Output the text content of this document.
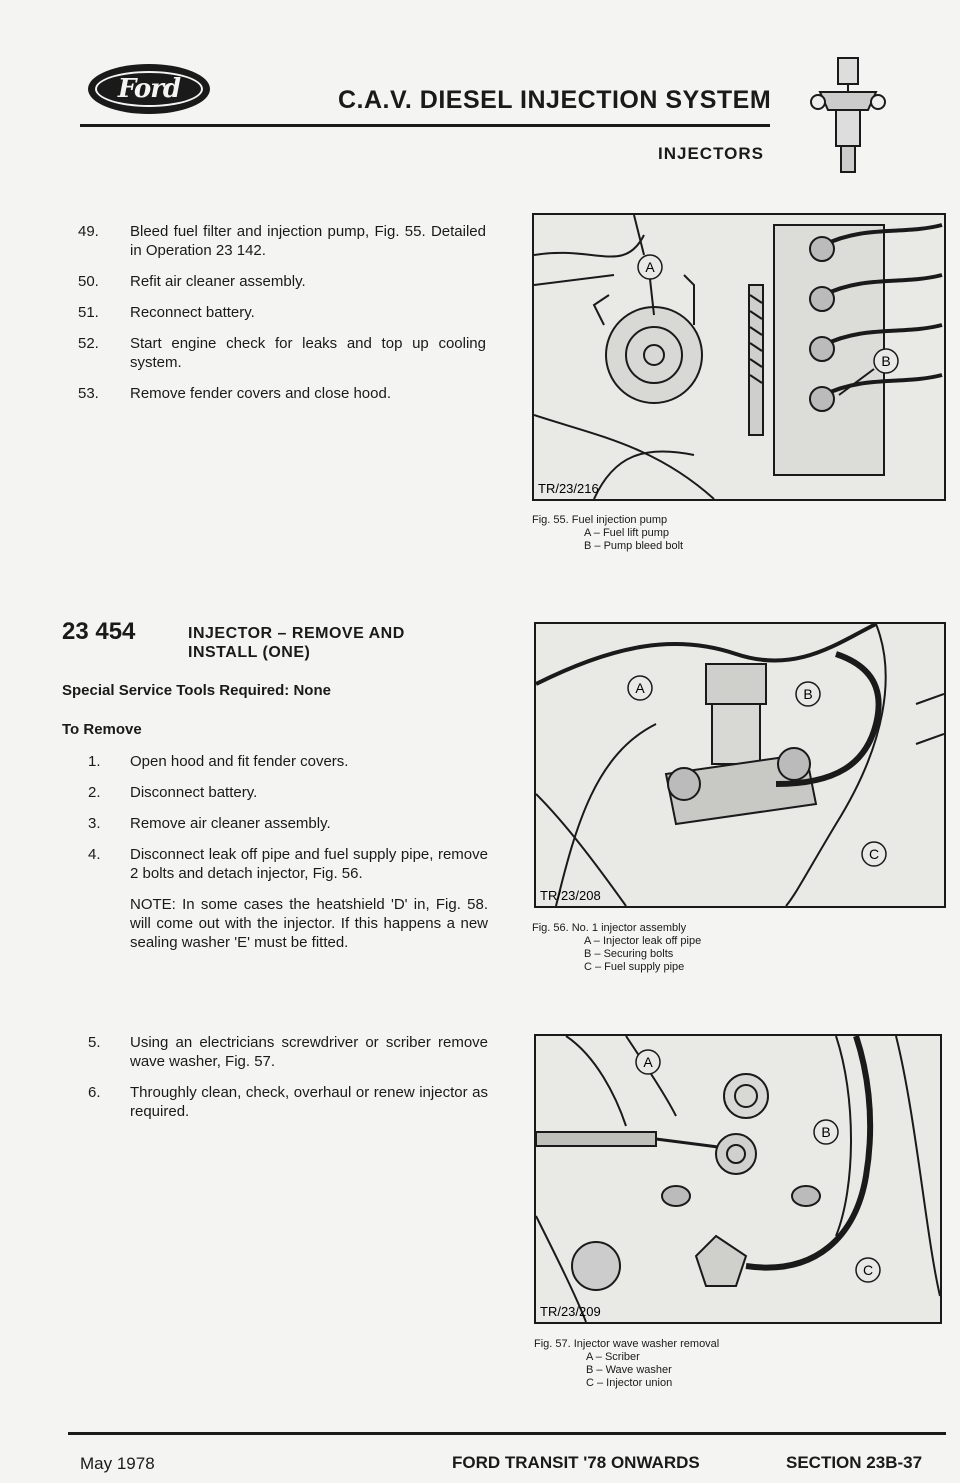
Ford	C.A.V. DIESEL INJECTION SYSTEM
INJECTORS
49.	Bleed fuel filter and injection pump, Fig. 55. Detailed in Operation 23 142.
50.	Refit air cleaner assembly.
51.	Reconnect battery.
52.	Start engine check for leaks and top up cooling system.
53.	Remove fender covers and close hood.
23 454	INJECTOR – REMOVE AND
INSTALL (ONE)
Special Service Tools Required: None
To Remove
1.	Open hood and fit fender covers.
2.	Disconnect battery.
3.	Remove air cleaner assembly.
4.	Disconnect leak off pipe and fuel supply pipe, remove 2 bolts and detach injector, Fig. 56.
NOTE: In some cases the heatshield 'D' in, Fig. 58. will come out with the injector. If this happens a new sealing washer 'E' must be fitted.
5.	Using an electricians screwdriver or scriber remove wave washer, Fig. 57.
6.	Throughly clean, check, overhaul or renew injector as required.
A
B
TR/23/216
Fig. 55. Fuel injection pump
A – Fuel lift pump
B – Pump bleed bolt
A	B
C
TR/23/208
Fig. 56. No. 1 injector assembly
A – Injector leak off pipe
B – Securing bolts
C – Fuel supply pipe
A
B
C
TR/23/209
Fig. 57. Injector wave washer removal
A – Scriber
B – Wave washer
C – Injector union
May 1978	FORD TRANSIT '78 ONWARDS	SECTION 23B-37
